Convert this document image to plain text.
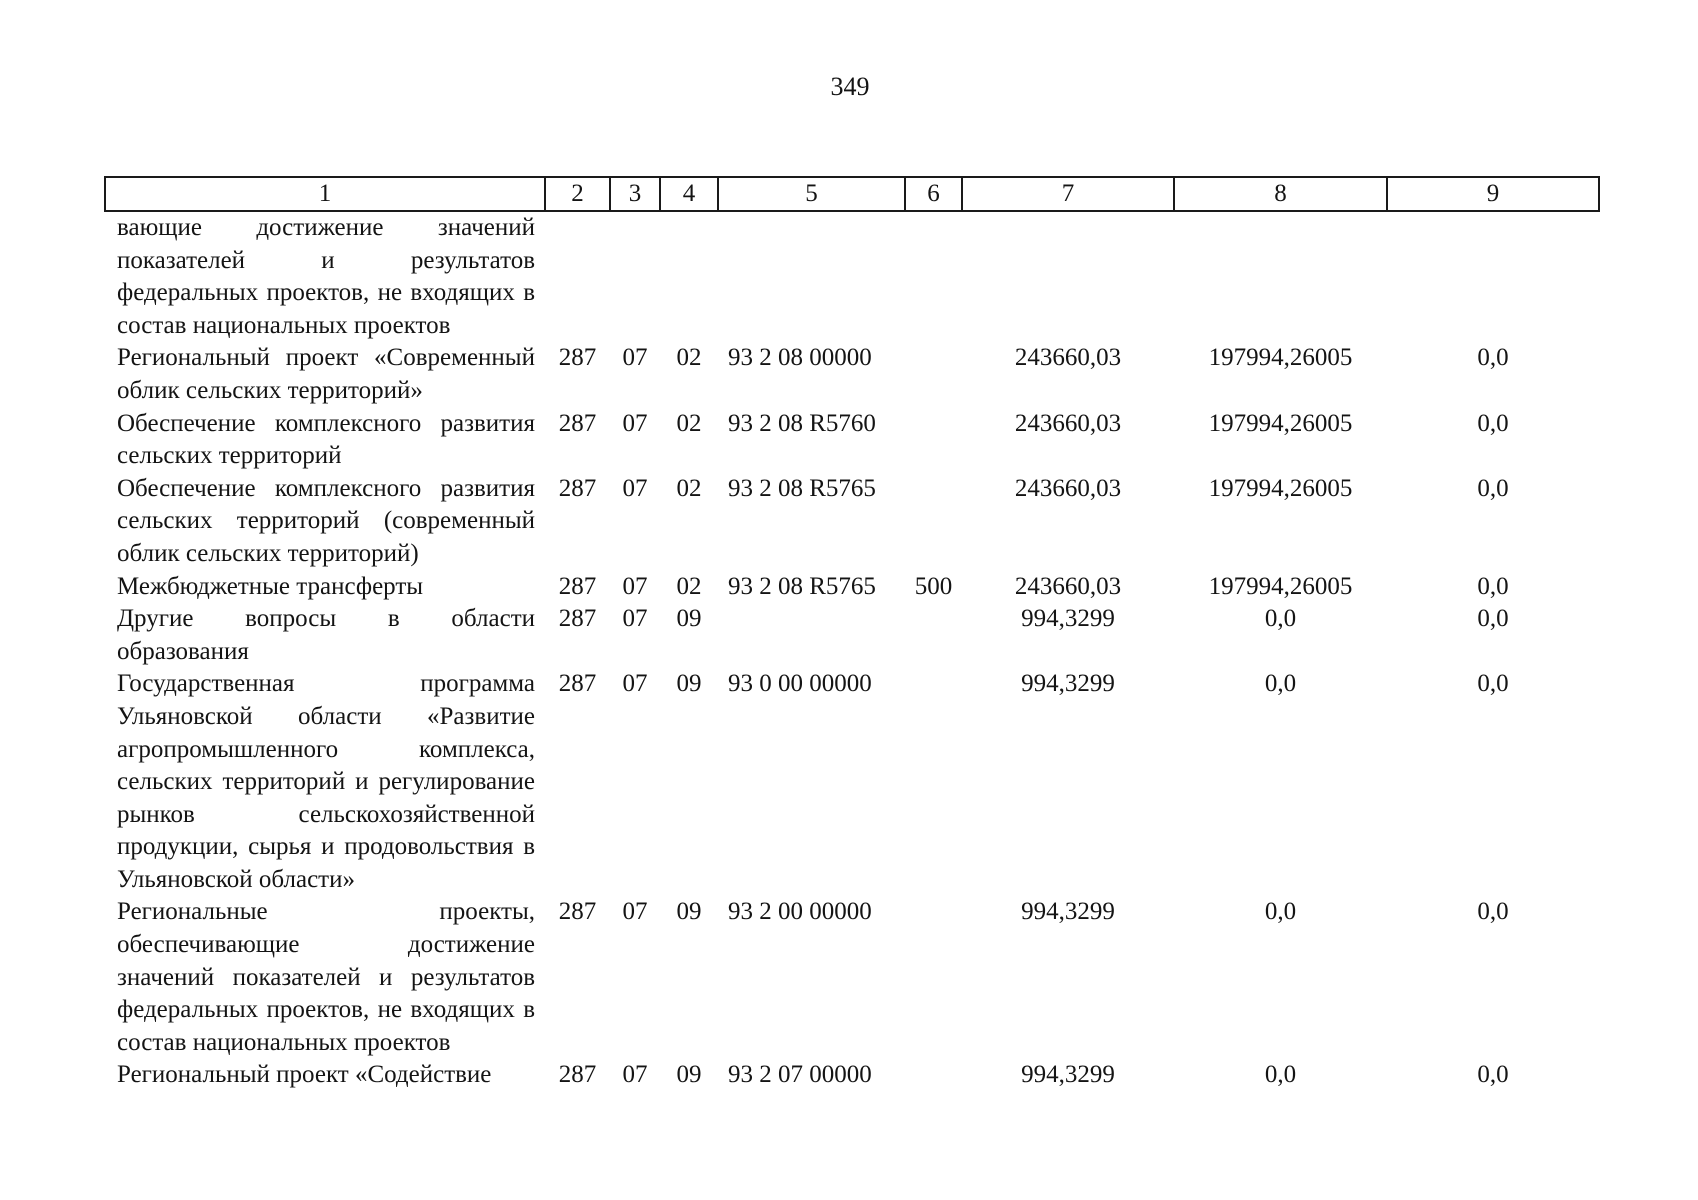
349
1	2	3	4	5	6	7	8	9
вающие достижение значений показателей и результатов федеральных проектов, не входящих в состав национальных проектов								
Региональный проект «Современный облик сельских территорий»	287	07	02	93 2 08 00000		243660,03	197994,26005	0,0
Обеспечение комплексного развития сельских территорий	287	07	02	93 2 08 R5760		243660,03	197994,26005	0,0
Обеспечение комплексного развития сельских территорий (современный облик сельских территорий)	287	07	02	93 2 08 R5765		243660,03	197994,26005	0,0
Межбюджетные трансферты	287	07	02	93 2 08 R5765	500	243660,03	197994,26005	0,0
Другие вопросы в области образования	287	07	09			994,3299	0,0	0,0
Государственная программа Ульяновской области «Развитие агропромышленного комплекса, сельских территорий и регулирование рынков сельскохозяйственной продукции, сырья и продовольствия в Ульяновской области»	287	07	09	93 0 00 00000		994,3299	0,0	0,0
Региональные проекты, обеспечивающие достижение значений показателей и результатов федеральных проектов, не входящих в состав национальных проектов	287	07	09	93 2 00 00000		994,3299	0,0	0,0
Региональный проект «Содействие	287	07	09	93 2 07 00000		994,3299	0,0	0,0
